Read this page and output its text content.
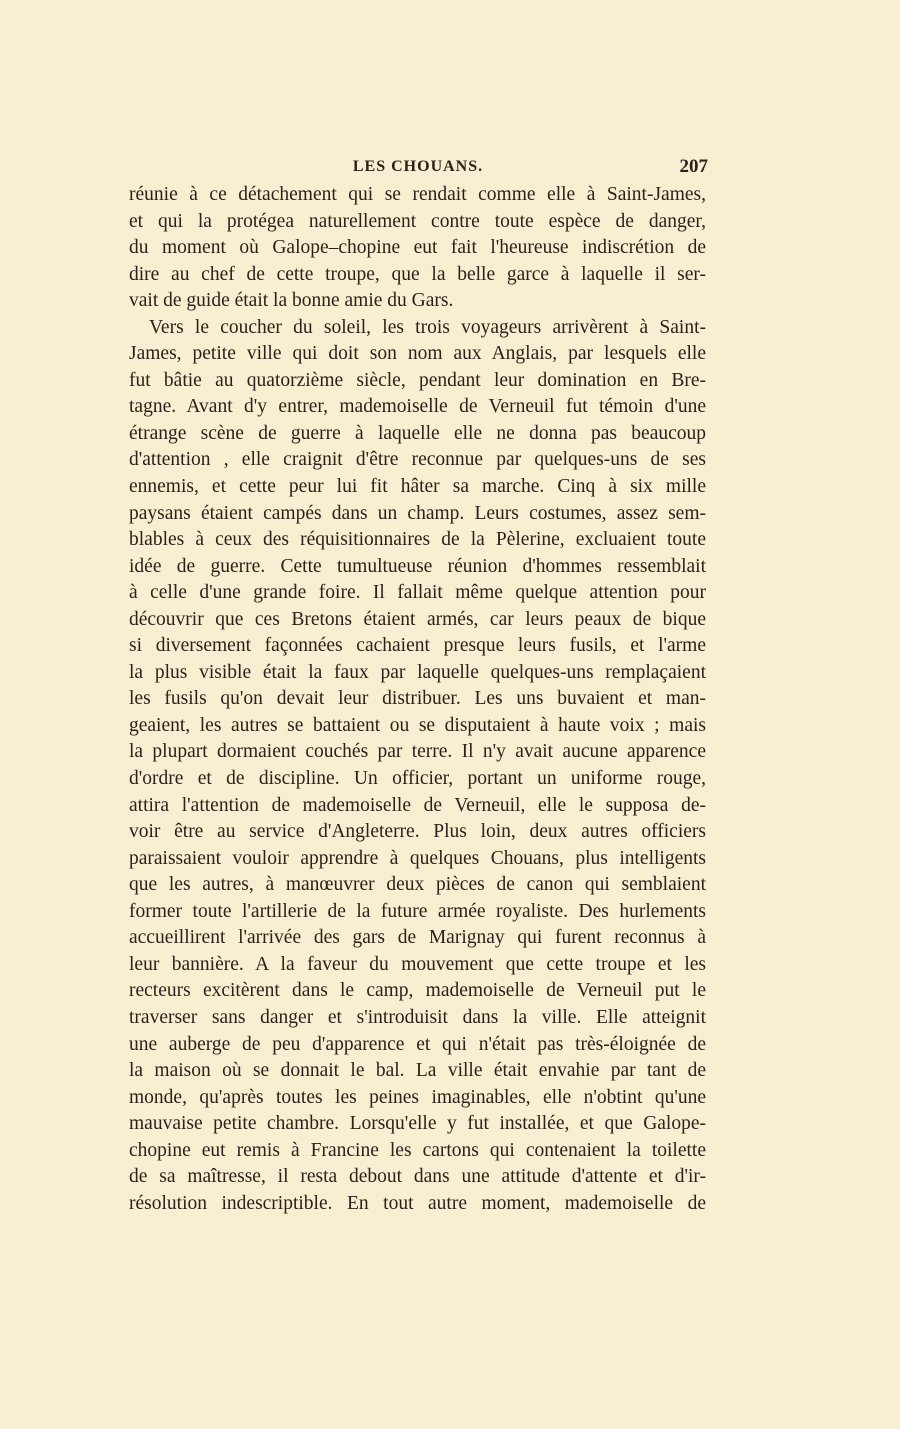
LES CHOUANS.	207
réunie à ce détachement qui se rendait comme elle à Saint-James,
et qui la protégea naturellement contre toute espèce de danger,
du moment où Galope–chopine eut fait l'heureuse indiscrétion de
dire au chef de cette troupe, que la belle garce à laquelle il ser-
vait de guide était la bonne amie du Gars.
Vers le coucher du soleil, les trois voyageurs arrivèrent à Saint-
James, petite ville qui doit son nom aux Anglais, par lesquels elle
fut bâtie au quatorzième siècle, pendant leur domination en Bre-
tagne. Avant d'y entrer, mademoiselle de Verneuil fut témoin d'une
étrange scène de guerre à laquelle elle ne donna pas beaucoup
d'attention , elle craignit d'être reconnue par quelques-uns de ses
ennemis, et cette peur lui fit hâter sa marche. Cinq à six mille
paysans étaient campés dans un champ. Leurs costumes, assez sem-
blables à ceux des réquisitionnaires de la Pèlerine, excluaient toute
idée de guerre. Cette tumultueuse réunion d'hommes ressemblait
à celle d'une grande foire. Il fallait même quelque attention pour
découvrir que ces Bretons étaient armés, car leurs peaux de bique
si diversement façonnées cachaient presque leurs fusils, et l'arme
la plus visible était la faux par laquelle quelques-uns remplaçaient
les fusils qu'on devait leur distribuer. Les uns buvaient et man-
geaient, les autres se battaient ou se disputaient à haute voix ; mais
la plupart dormaient couchés par terre. Il n'y avait aucune apparence
d'ordre et de discipline. Un officier, portant un uniforme rouge,
attira l'attention de mademoiselle de Verneuil, elle le supposa de-
voir être au service d'Angleterre. Plus loin, deux autres officiers
paraissaient vouloir apprendre à quelques Chouans, plus intelligents
que les autres, à manœuvrer deux pièces de canon qui semblaient
former toute l'artillerie de la future armée royaliste. Des hurlements
accueillirent l'arrivée des gars de Marignay qui furent reconnus à
leur bannière. A la faveur du mouvement que cette troupe et les
recteurs excitèrent dans le camp, mademoiselle de Verneuil put le
traverser sans danger et s'introduisit dans la ville. Elle atteignit
une auberge de peu d'apparence et qui n'était pas très-éloignée de
la maison où se donnait le bal. La ville était envahie par tant de
monde, qu'après toutes les peines imaginables, elle n'obtint qu'une
mauvaise petite chambre. Lorsqu'elle y fut installée, et que Galope-
chopine eut remis à Francine les cartons qui contenaient la toilette
de sa maîtresse, il resta debout dans une attitude d'attente et d'ir-
résolution indescriptible. En tout autre moment, mademoiselle de
